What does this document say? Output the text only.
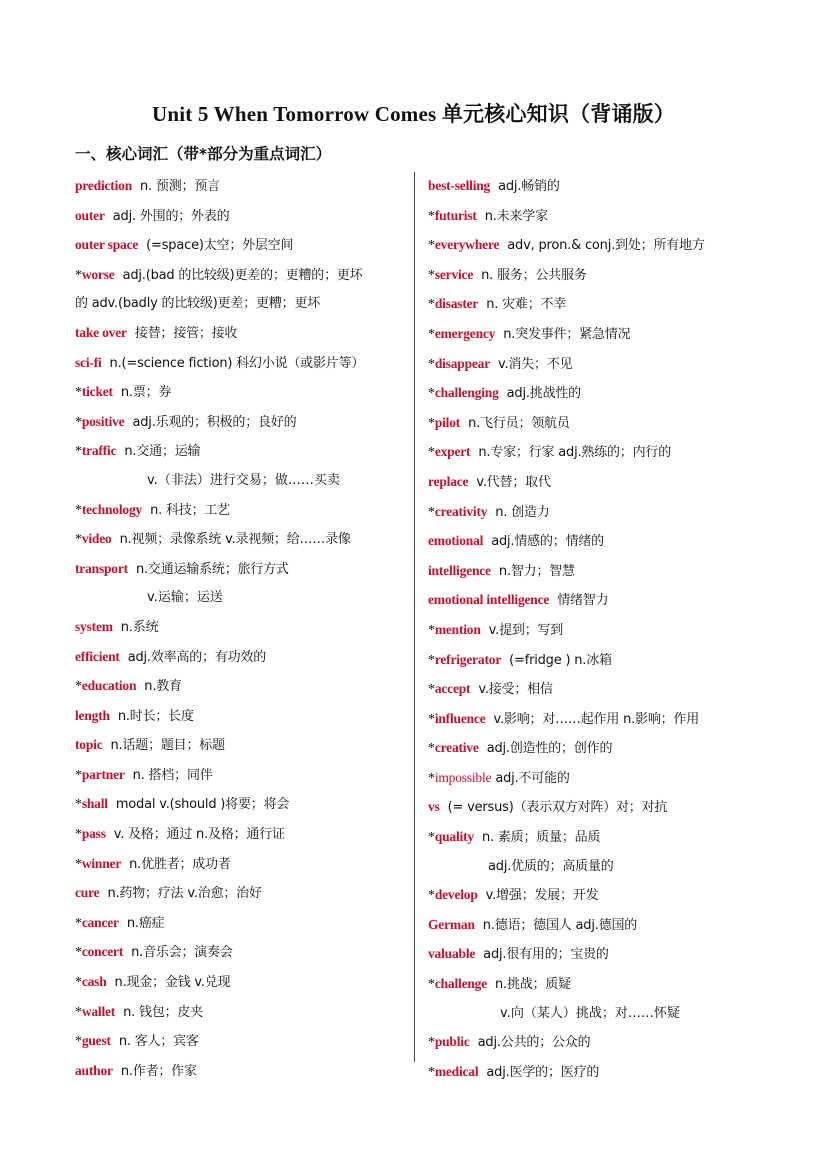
Unit 5 When Tomorrow Comes 单元核心知识（背诵版）
一、核心词汇（带*部分为重点词汇）
prediction n. 预测；预言
outer adj. 外围的；外表的
outer space (=space)太空；外层空间
*worse adj.(bad 的比较级)更差的；更糟的；更坏
的 adv.(badly 的比较级)更差；更糟；更坏
take over 接替；接管；接收
sci-fi n.(=science fiction) 科幻小说（或影片等）
*ticket n.票；券
*positive adj.乐观的；积极的；良好的
*traffic n.交通；运输
v.（非法）进行交易；做……买卖
*technology n. 科技；工艺
*video n.视频；录像系统 v.录视频；给……录像
transport n.交通运输系统；旅行方式
v.运输；运送
system n.系统
efficient adj.效率高的；有功效的
*education n.教育
length n.时长；长度
topic n.话题；题目；标题
*partner n. 搭档；同伴
*shall modal v.(should )将要；将会
*pass v. 及格；通过 n.及格；通行证
*winner n.优胜者；成功者
cure n.药物；疗法 v.治愈；治好
*cancer n.癌症
*concert n.音乐会；演奏会
*cash n.现金；金钱 v.兑现
*wallet n. 钱包；皮夹
*guest n. 客人；宾客
author n.作者；作家
best-selling adj.畅销的
*futurist n.未来学家
*everywhere adv, pron.& conj.到处；所有地方
*service n. 服务；公共服务
*disaster n. 灾难；不幸
*emergency n.突发事件；紧急情况
*disappear v.消失；不见
*challenging adj.挑战性的
*pilot n.飞行员；领航员
*expert n.专家；行家 adj.熟练的；内行的
replace v.代替；取代
*creativity n. 创造力
emotional adj.情感的；情绪的
intelligence n.智力；智慧
emotional intelligence 情绪智力
*mention v.提到；写到
*refrigerator (=fridge ) n.冰箱
*accept v.接受；相信
*influence v.影响；对……起作用 n.影响；作用
*creative adj.创造性的；创作的
*impossible adj.不可能的
vs (= versus)（表示双方对阵）对；对抗
*quality n. 素质；质量；品质
adj.优质的；高质量的
*develop v.增强；发展；开发
German n.德语；德国人 adj.德国的
valuable adj.很有用的；宝贵的
*challenge n.挑战；质疑
v.向（某人）挑战；对……怀疑
*public adj.公共的；公众的
*medical adj.医学的；医疗的
